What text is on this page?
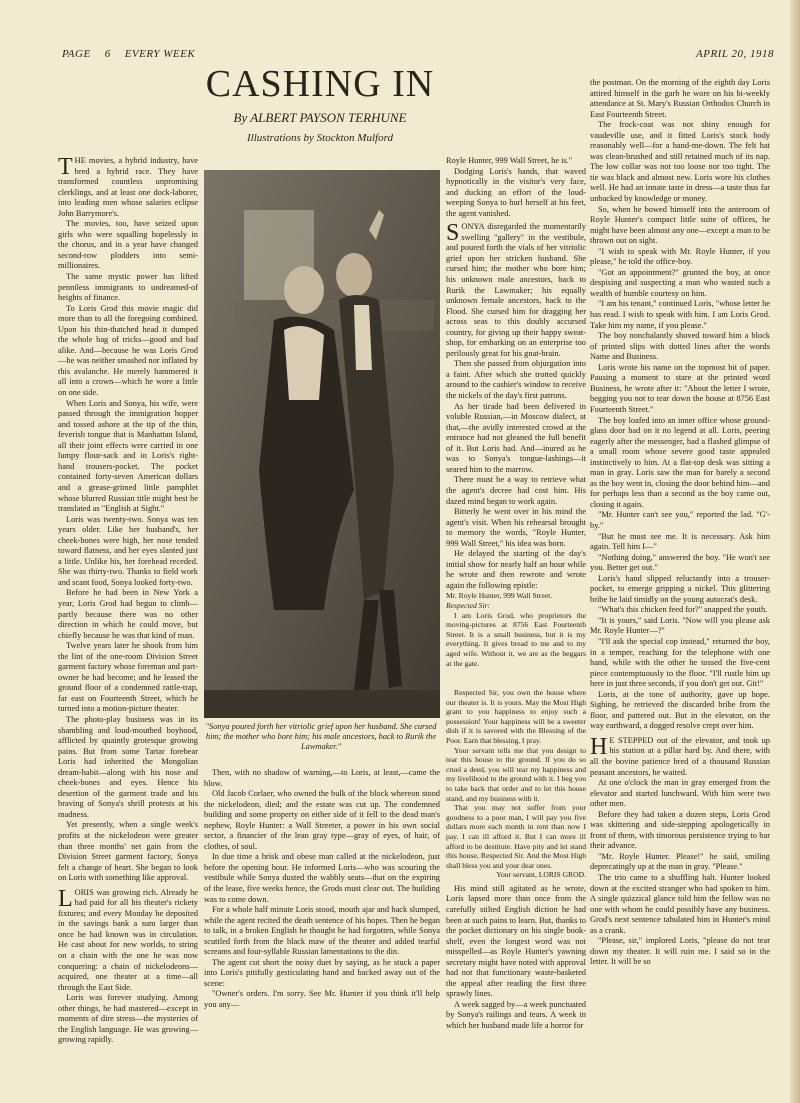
PAGE 6 EVERY WEEK	APRIL 20, 1918
CASHING IN
By ALBERT PAYSON TERHUNE
Illustrations by Stockton Mulford

THE movies, a hybrid industry, have bred a hybrid race. They have transformed countless unpromising clerklings, and at least one dock-laborer, into leading men whose salaries eclipse John Barrymore's.

The movies, too, have seized upon girls who were squalling hopelessly in the chorus, and in a year have changed second-row plodders into semi-millionaires.

The same mystic power has lifted penniless immigrants to undreamed-of heights of finance.

To Loris Grod this movie magic did more than to all the foregoing combined. Upon his thin-thatched head it dumped the whole bag of tricks—good and bad alike. And—because he was Loris Grod—he was neither smashed nor inflated by this avalanche. He merely hammered it all into a crown—which he wore a little on one side.

When Loris and Sonya, his wife, were passed through the immigration hopper and tossed ashore at the tip of the thin, feverish tongue that is Manhattan Island, all their joint effects were carried in one lumpy flour-sack and in Loris's right-hand trousers-pocket. The pocket contained forty-seven American dollars and a grease-grimed little pamphlet whose blurred Russian title might best be translated as "English at Sight."

Loris was twenty-two. Sonya was ten years older. Like her husband's, her cheek-bones were high, her nose tended toward flatness, and her eyes slanted just a little. Unlike his, her forehead receded. She was thirty-two. Thanks to field work and scant food, Sonya looked forty-two.

Before he had been in New York a year, Loris Grod had begun to climb—partly because there was no other direction in which he could move, but chiefly because he was that kind of man.

Twelve years later he shook from him the lint of the one-room Division Street garment factory whose foreman and part-owner he had become; and he leased the ground floor of a condemned rattle-trap, far east on Fourteenth Street, which he turned into a motion-picture theater.

The photo-play business was in its shambling and loud-mouthed boyhood, afflicted by quaintly grotesque growing pains. But from some Tartar forebear Loris had inherited the Mongolian dream-habit—along with his nose and cheek-bones and eyes. Hence his desertion of the garment trade and his braving of Sonya's shrill protests at his madness.

Yet presently, when a single week's profits at the nickelodeon were greater than three months' net gain from the Division Street garment factory, Sonya felt a change of heart. She began to look on Loris with something like approval.

LORIS was growing rich. Already he had paid for all his theater's rickety fixtures; and every Monday he deposited in the savings bank a sum larger than once he had known was in circulation. He cast about for new worlds, to string on a chain with the one he was now conquering: a chain of nickelodeons—acquired, one theater at a time—all through the East Side.

Loris was forever studying. Among other things, he had mastered—except in moments of dire stress—the mysteries of the English language. He was growing—growing rapidly.

"Sonya poured forth her vitriolic grief upon her husband. She cursed him; the mother who bore him; his male ancestors, back to Rurik the Lawmaker."

Then, with no shadow of warning,—to Loris, at least,—came the blow.

Old Jacob Corlaer, who owned the bulk of the block whereon stood the nickelodeon, died; and the estate was cut up. The condemned building and some property on either side of it fell to the dead man's nephew, Royle Hunter: a Wall Streeter, a power in his own social sector, a financier of the lean gray type—gray of eyes, of hair, of clothes, of soul.

In due time a brisk and obese man called at the nickelodeon, just before the opening hour. He informed Loris—who was scouring the vestibule while Sonya dusted the wabbly seats—that on the expiring of the lease, five weeks hence, the Grods must clear out. The building was to come down.

For a whole half minute Loris stood, mouth ajar and back slumped, while the agent recited the death sentence of his hopes. Then he began to talk, in a broken English he thought he had forgotten, while Sonya scuttled forth from the black maw of the theater and added tearful screams and four-syllable Russian lamentations to the din.

The agent cut short the noisy duet by saying, as he stuck a paper into Loris's pitifully gesticulating hand and backed away out of the scene:

"Owner's orders. I'm sorry. See Mr. Hunter if you think it'll help you any—

Royle Hunter, 999 Wall Street, he is."

Dodging Loris's hands, that waved hypnotically in the visitor's very face, and ducking an effort of the loud-weeping Sonya to hurl herself at his feet, the agent vanished.

SONYA disregarded the momentarily swelling "gallery" in the vestibule, and poured forth the vials of her vitriolic grief upon her stricken husband. She cursed him; the mother who bore him; his unknown male ancestors, back to Rurik the Lawmaker; his equally unknown female ancestors, back to the Flood. She cursed him for dragging her across seas to this doubly accursed country, for giving up their happy sweat-shop, for embarking on an enterprise too perilously great for his gnat-brain.

Then she passed from objurgation into a faint. After which she trotted quickly around to the cashier's window to receive the nickels of the day's first patrons.

As her tirade had been delivered in voluble Russian,—in Moscow dialect, at that,—the avidly interested crowd at the entrance had not gleaned the full benefit of it. But Loris had. And—inured as he was to Sonya's tongue-lashings—it seared him to the marrow.

There must be a way to retrieve what the agent's decree had cost him. His dazed mind began to work again.

Bitterly he went over in his mind the agent's visit. When his rehearsal brought to memory the words, "Royle Hunter, 999 Wall Street," his idea was born.

He delayed the starting of the day's initial show for nearly half an hour while he wrote and then rewrote and wrote again the following epistle:

Mr. Royle Hunter, 999 Wall Street.

Respected Sir:

I am Loris Grod, who proprietors the moving-pictures at 8756 East Fourteenth Street. It is a small business, but it is my everything. It gives bread to me and to my aged wife. Without it, we are as the beggars at the gate.

Respected Sir, you own the house where our theater is. It is yours. May the Most High grant to you happiness to enjoy such a possession! Your happiness will be a sweeter dish if it is savored with the Blessing of the Poor. Earn that blessing, I pray.

Your servant tells me that you design to tear this house to the ground. If you do so cruel a deed, you will tear my happiness and my livelihood to the ground with it. I beg you to take back that order and to let this house stand, and my business with it.

That you may not suffer from your goodness to a poor man, I will pay you five dollars more each month in rent than now I pay. I can ill afford it. But I can more ill afford to be destitute. Have pity and let stand this house, Respected Sir. And the Most High shall bless you and your dear ones.

Your servant, LORIS GROD.

His mind still agitated as he wrote, Loris lapsed more than once from the carefully stilted English diction he had been at such pains to learn. But, thanks to the pocket dictionary on his single book-shelf, even the longest word was not misspelled—as Royle Hunter's yawning secretary might have noted with approval had not that functionary waste-basketed the appeal after reading the first three sprawly lines.

A week sagged by—a week punctuated by Sonya's railings and tears. A week in which her husband made life a horror for

the postman. On the morning of the eighth day Loris attired himself in the garb he wore on his bi-weekly attendance at St. Mary's Russian Orthodox Church in East Fourteenth Street.

The frock-coat was not shiny enough for vaudeville use, and it fitted Loris's stock body reasonably well—for a hand-me-down. The felt hat was clean-brushed and still retained much of its nap. The low collar was not too loose nor too tight. The tie was black and almost new. Loris wore his clothes well. He had an innate taste in dress—a taste thus far unbacked by knowledge or money.

So, when he bowed himself into the anteroom of Royle Hunter's compact little suite of offices, he might have been almost any one—except a man to be thrown out on sight.

"I wish to speak with Mr. Royle Hunter, if you please," he told the office-boy.

"Got an appointment?" grunted the boy, at once despising and suspecting a man who wasted such a wealth of humble courtesy on him.

"I am his tenant," continued Loris, "whose letter he has read. I wish to speak with him. I am Loris Grod. Take him my name, if you please."

The boy nonchalantly shoved toward him a block of printed slips with dotted lines after the words Name and Business.

Loris wrote his name on the topmost bit of paper. Pausing a moment to stare at the printed word Business, he wrote after it: "About the letter I wrote, begging you not to tear down the house at 8756 East Fourteenth Street."

The boy loafed into an inner office whose ground-glass door had on it no legend at all. Loris, peering eagerly after the messenger, had a flashed glimpse of a small room whose severe good taste appealed instinctively to him. At a flat-top desk was sitting a man in gray. Loris saw the man for barely a second as the boy went in, closing the door behind him—and for perhaps less than a second as the boy came out, closing it again.

"Mr. Hunter can't see you," reported the lad. "G'-by."

"But he must see me. It is necessary. Ask him again. Tell him I—"

"Nothing doing," answered the boy. "He won't see you. Better get out."

Loris's hand slipped reluctantly into a trouser-pocket, to emerge gripping a nickel. This glittering bribe he laid timidly on the young autocrat's desk.

"What's this chicken feed for?" snapped the youth.

"It is yours," said Loris. "Now will you please ask Mr. Royle Hunter—?"

"I'll ask the special cop instead," returned the boy, in a temper, reaching for the telephone with one hand, while with the other he tossed the five-cent piece contemptuously to the floor. "I'll rustle him up here in just three seconds, if you don't get out. Git!"

Loris, at the tone of authority, gave up hope. Sighing, he retrieved the discarded bribe from the floor, and pattered out. But in the elevator, on the way earthward, a dogged resolve crept over him.

H E STEPPED out of the elevator, and took up his station at a pillar hard by. And there, with all the bovine patience bred of a thousand Russian peasant ancestors, he waited.

At one o'clock the man in gray emerged from the elevator and started lunchward. With him were two other men.

Before they had taken a dozen steps, Loris Grod was skittering and side-stepping apologetically in front of them, with timorous persistence trying to bar their advance.

"Mr. Royle Hunter. Please!" he said, smiling deprecatingly up at the man in gray. "Please."

The trio came to a shuffling halt. Hunter looked down at the excited stranger who had spoken to him. A single quizzical glance told him the fellow was no one with whom he could possibly have any business. Grod's next sentence tabulated him in Hunter's mind as a crank.

"Please, sir," implored Loris, "please do not tear down my theater. It will ruin me. I said so in the letter. It will be so
